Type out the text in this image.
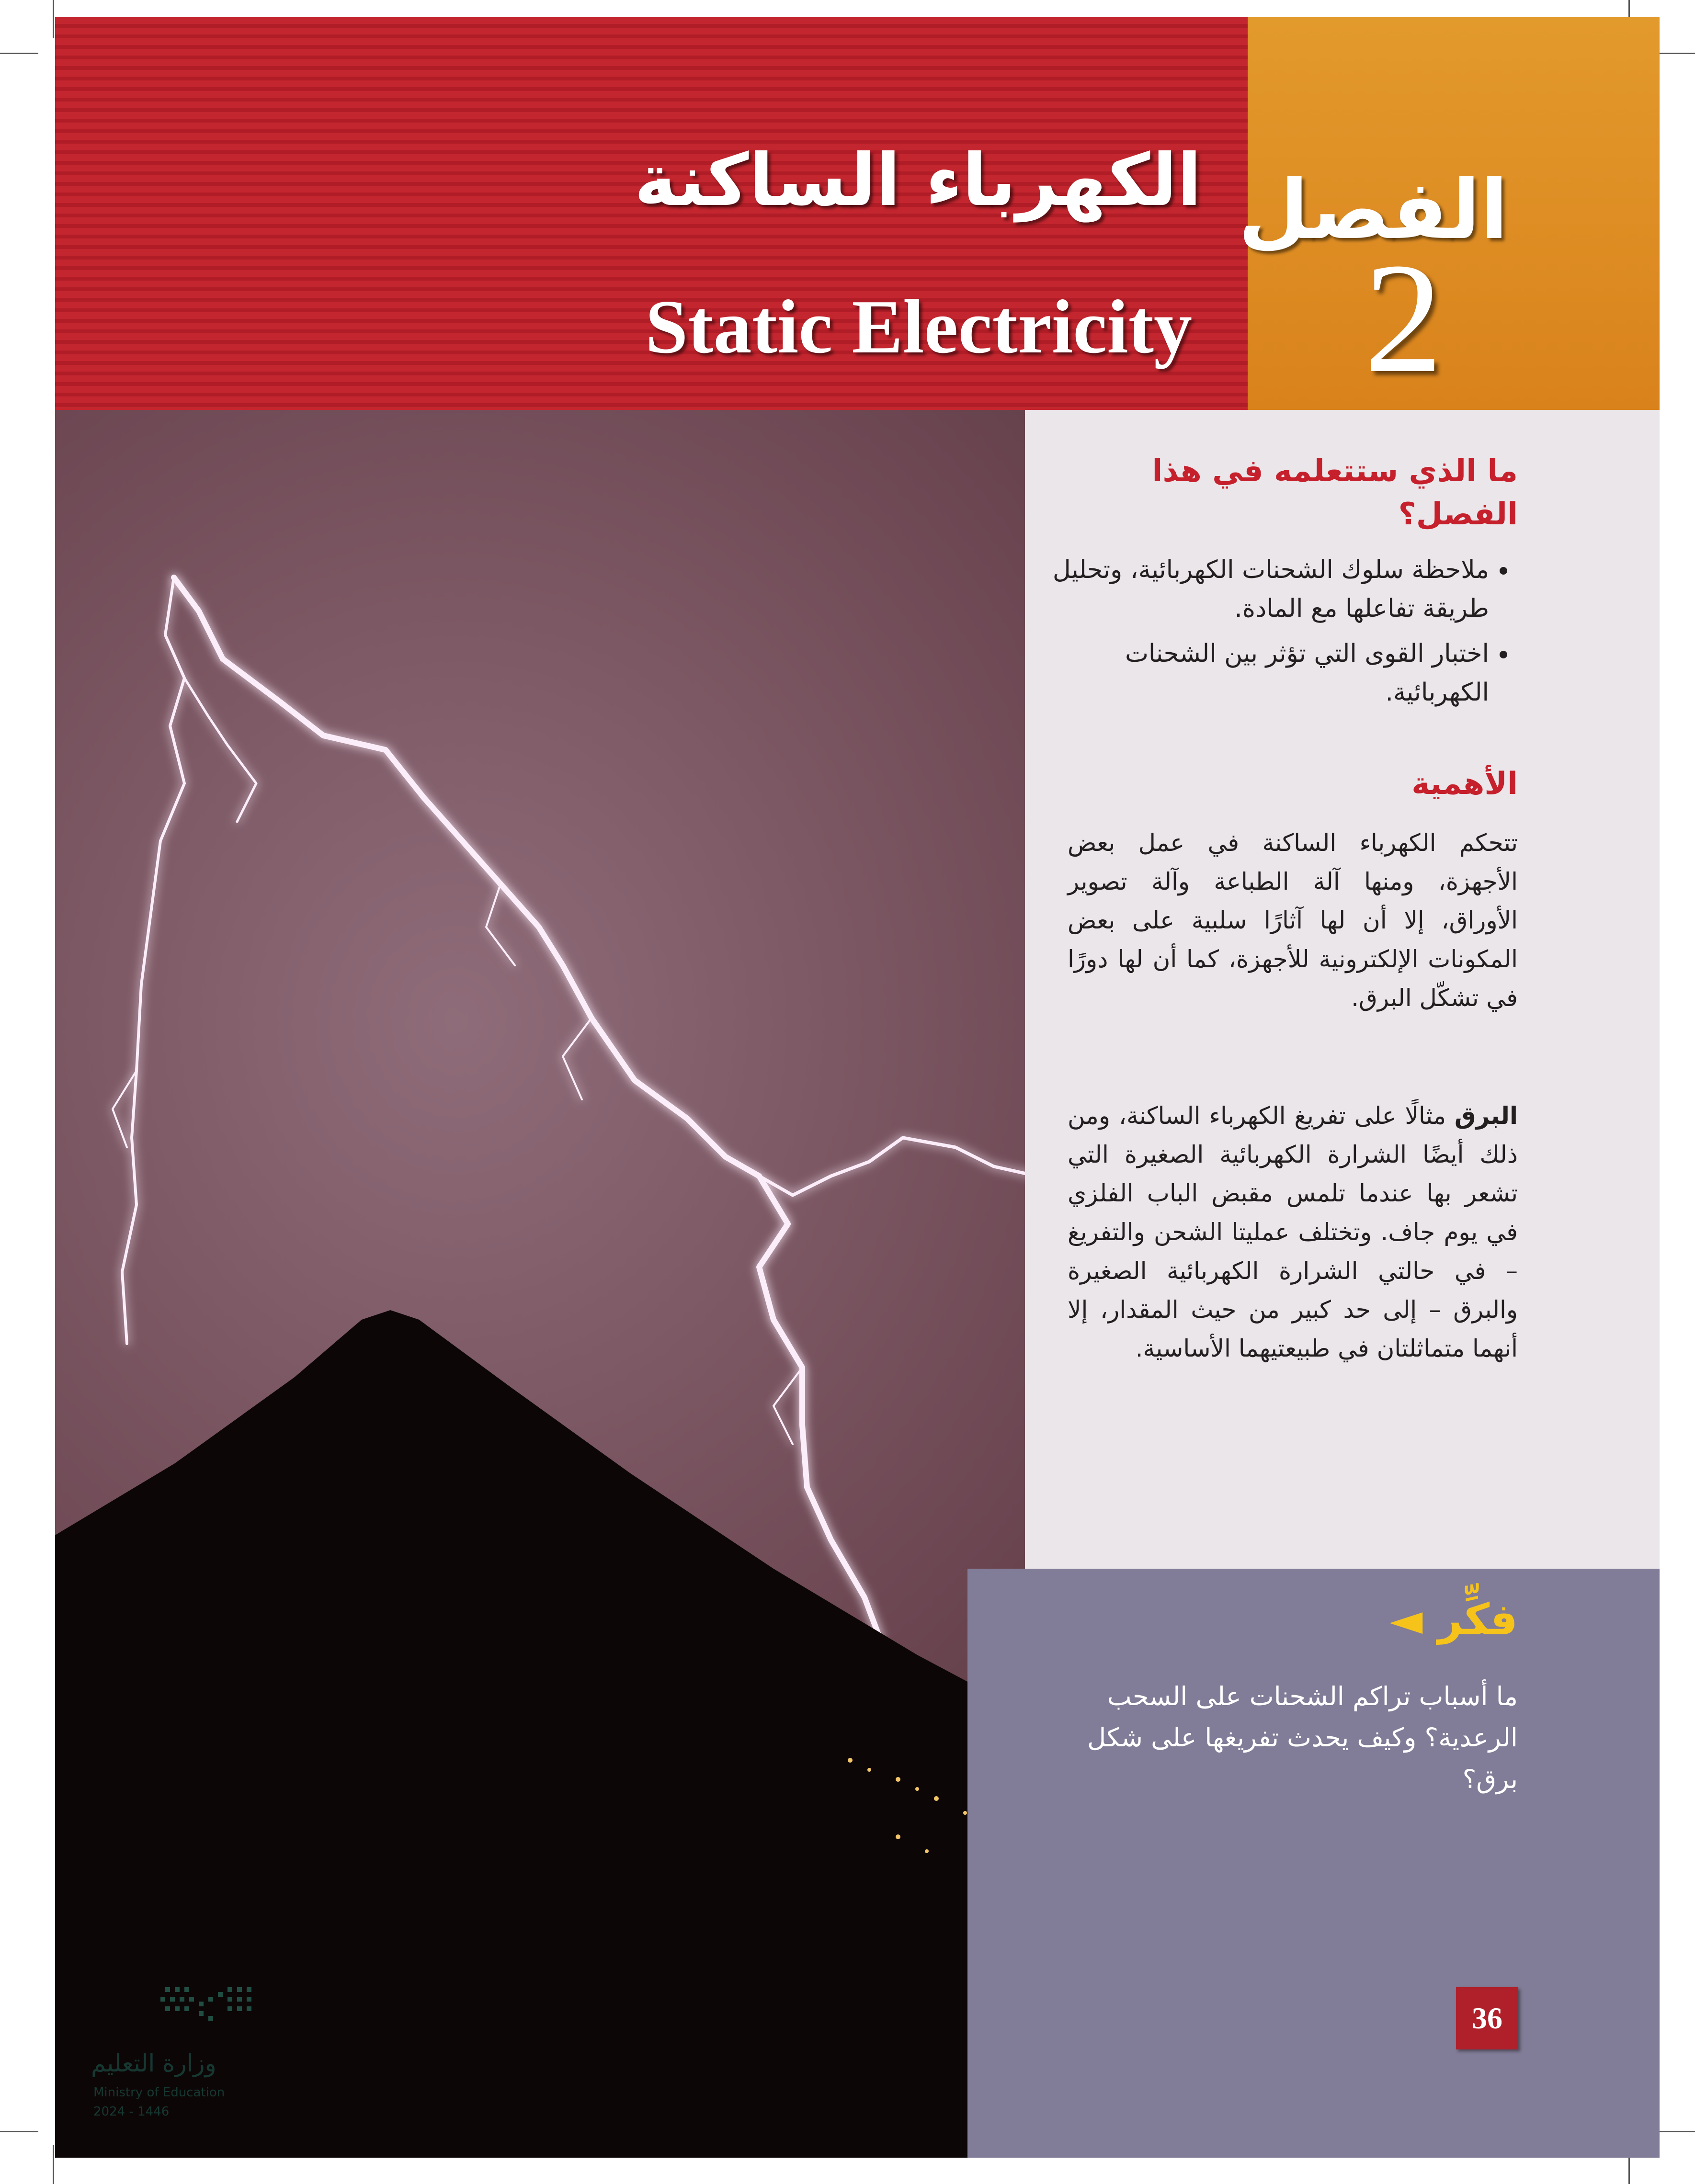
الفصل
2
الكهرباء الساكنة
Static Electricity
ما الذي ستتعلمه في هذا الفصل؟
• ملاحظة سلوك الشحنات الكهربائية، وتحليل طريقة تفاعلها مع المادة.
• اختبار القوى التي تؤثر بين الشحنات الكهربائية.
الأهمية
تتحكم الكهرباء الساكنة في عمل بعض الأجهزة، ومنها آلة الطباعة وآلة تصوير الأوراق، إلا أن لها آثارًا سلبية على بعض المكونات الإلكترونية للأجهزة، كما أن لها دورًا في تشكّل البرق.
البرق مثالًا على تفريغ الكهرباء الساكنة، ومن ذلك أيضًا الشرارة الكهربائية الصغيرة التي تشعر بها عندما تلمس مقبض الباب الفلزي في يوم جاف. وتختلف عمليتا الشحن والتفريغ – في حالتي الشرارة الكهربائية الصغيرة والبرق – إلى حد كبير من حيث المقدار، إلا أنهما متماثلتان في طبيعتيهما الأساسية.
فكِّر ◄
ما أسباب تراكم الشحنات على السحب الرعدية؟ وكيف يحدث تفريغها على شكل برق؟
36
وزارة التعليم
Ministry of Education
2024 - 1446
